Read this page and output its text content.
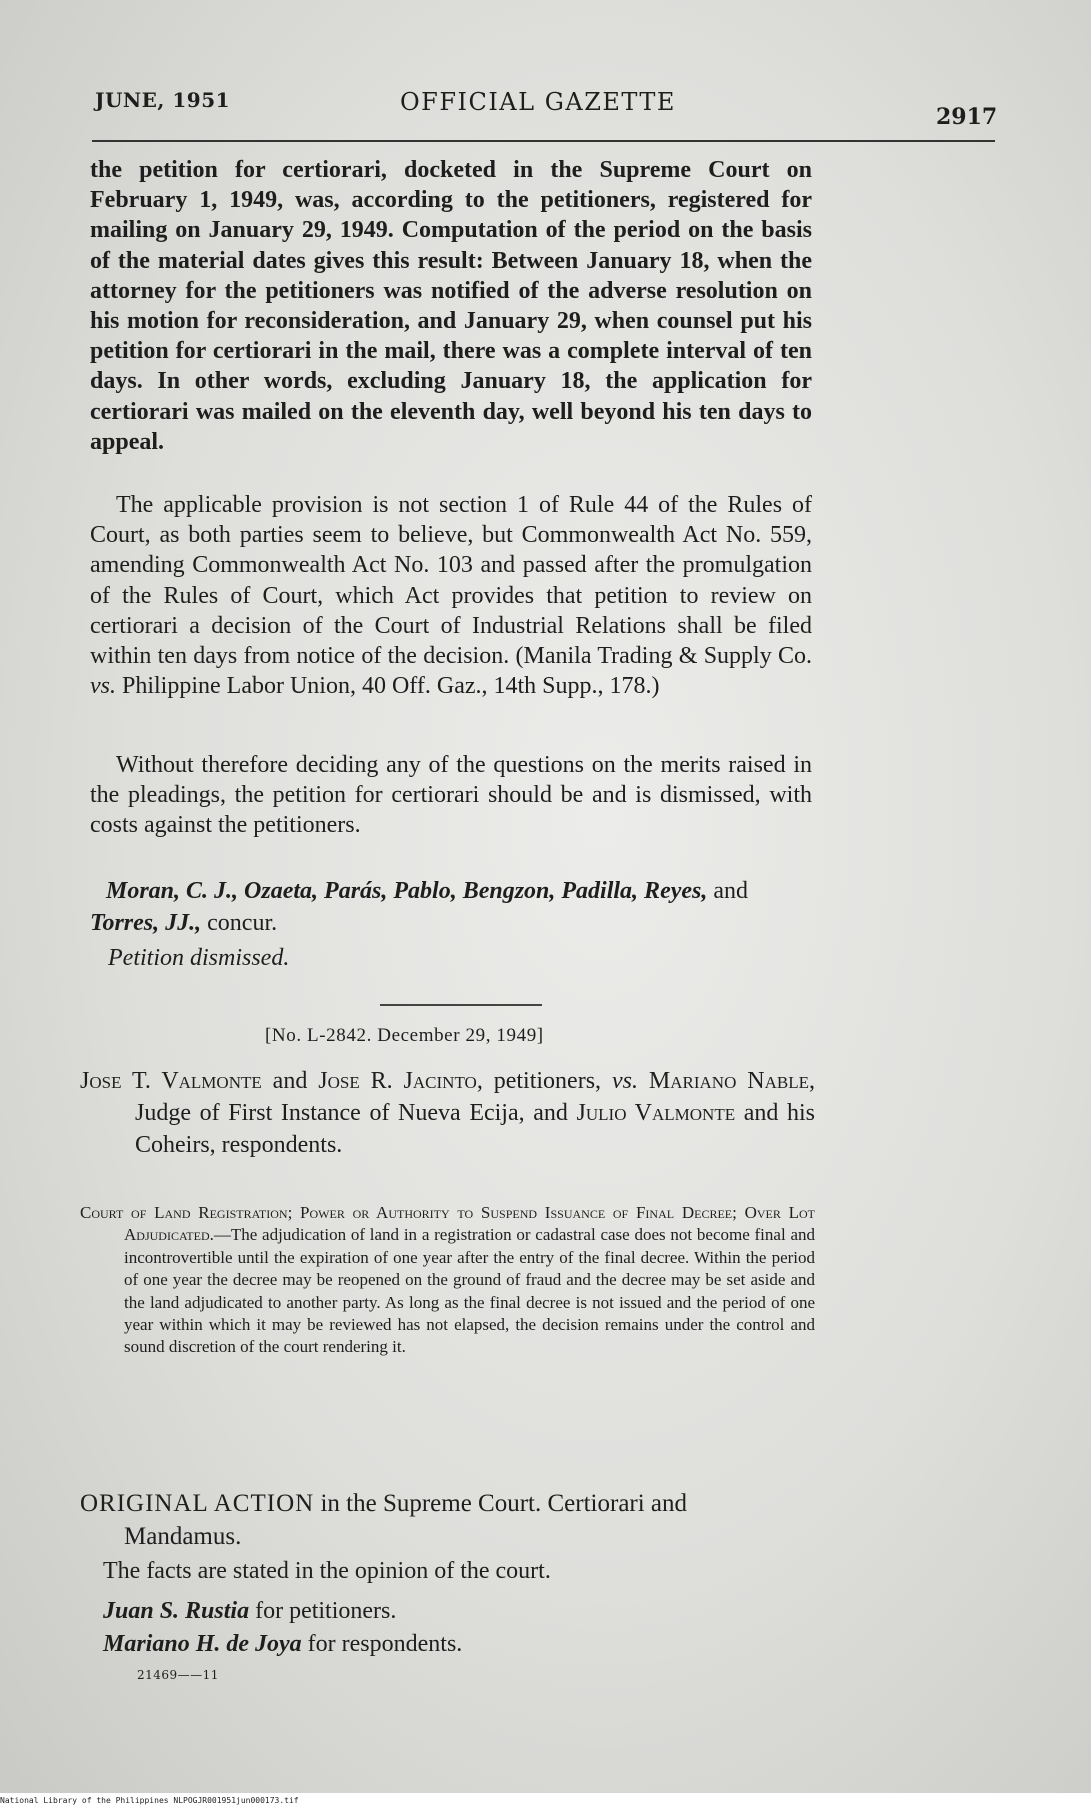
JUNE, 1951	OFFICIAL GAZETTE
2917

the petition for certiorari, docketed in the Supreme Court on February 1, 1949, was, according to the petitioners, registered for mailing on January 29, 1949. Computation of the period on the basis of the material dates gives this result: Between January 18, when the attorney for the petitioners was notified of the adverse resolution on his motion for reconsideration, and January 29, when counsel put his petition for certiorari in the mail, there was a complete interval of ten days. In other words, excluding January 18, the application for certiorari was mailed on the eleventh day, well beyond his ten days to appeal.

The applicable provision is not section 1 of Rule 44 of the Rules of Court, as both parties seem to believe, but Commonwealth Act No. 559, amending Commonwealth Act No. 103 and passed after the promulgation of the Rules of Court, which Act provides that petition to review on certiorari a decision of the Court of Industrial Relations shall be filed within ten days from notice of the decision. (Manila Trading & Supply Co. vs. Philippine Labor Union, 40 Off. Gaz., 14th Supp., 178.)

Without therefore deciding any of the questions on the merits raised in the pleadings, the petition for certiorari should be and is dismissed, with costs against the petitioners.

Moran, C. J., Ozaeta, Parás, Pablo, Bengzon, Padilla, Reyes, and Torres, JJ., concur.
Petition dismissed.
[No. L-2842. December 29, 1949]

Jose T. Valmonte and Jose R. Jacinto, petitioners, vs. Mariano Nable, Judge of First Instance of Nueva Ecija, and Julio Valmonte and his Coheirs, respondents.

Court of Land Registration; Power or Authority to Suspend Issuance of Final Decree; Over Lot Adjudicated.—The adjudication of land in a registration or cadastral case does not become final and incontrovertible until the expiration of one year after the entry of the final decree. Within the period of one year the decree may be reopened on the ground of fraud and the decree may be set aside and the land adjudicated to another party. As long as the final decree is not issued and the period of one year within which it may be reviewed has not elapsed, the decision remains under the control and sound discretion of the court rendering it.

ORIGINAL ACTION in the Supreme Court. Certiorari and Mandamus.

The facts are stated in the opinion of the court.
Juan S. Rustia for petitioners.
Mariano H. de Joya for respondents.
21469——11
National Library of the Philippines NLPOGJR001951jun000173.tif
